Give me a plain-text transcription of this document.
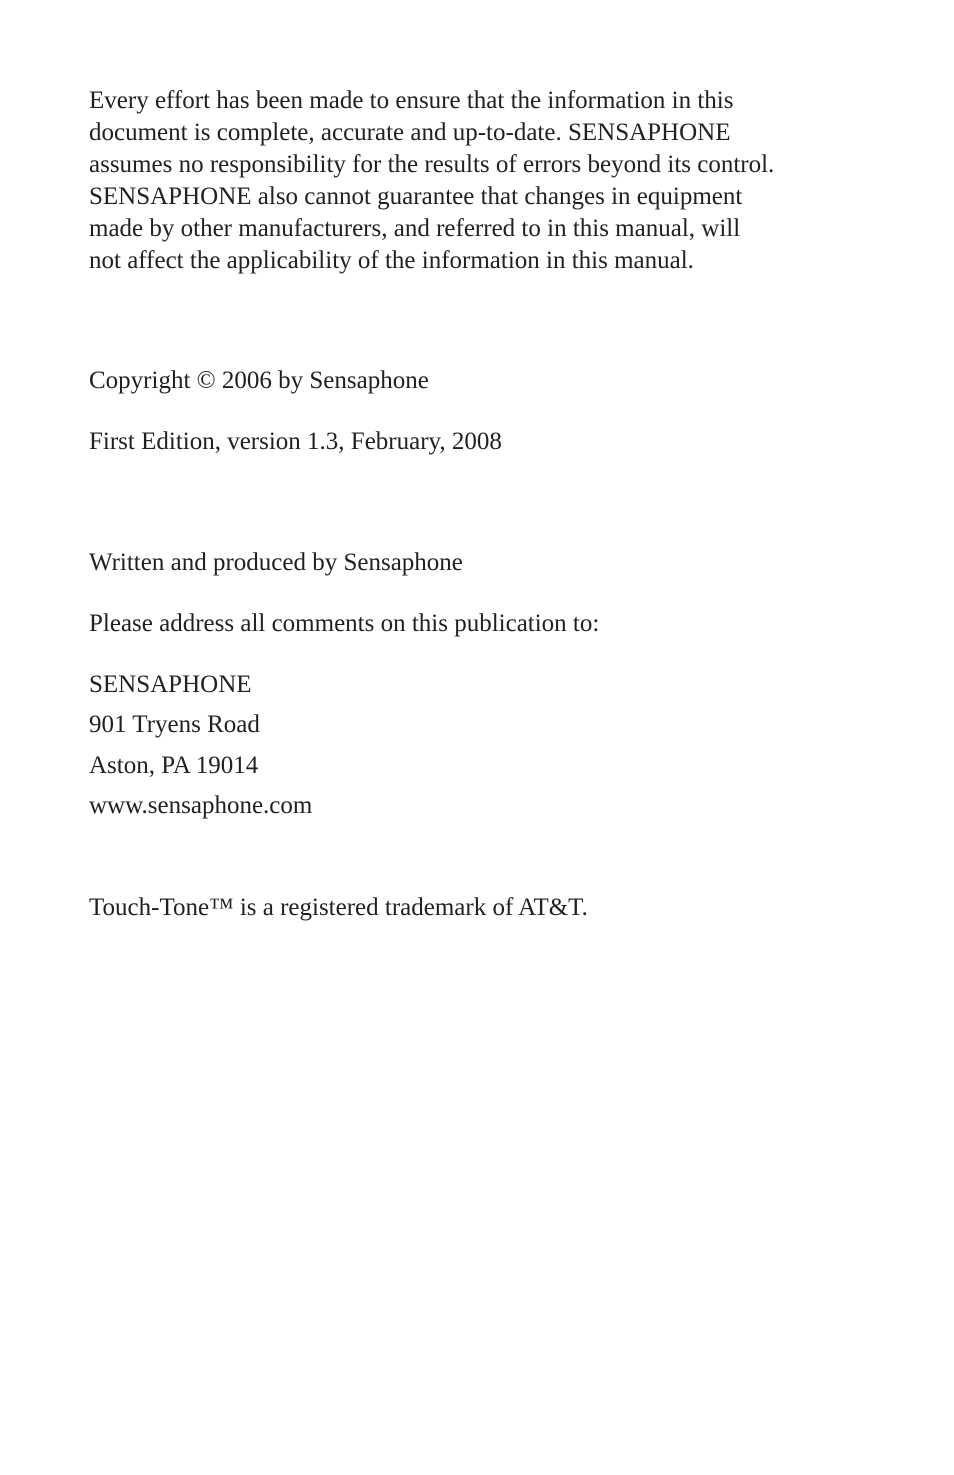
Every effort has been made to ensure that the information in this
document is complete, accurate and up-to-date. SENSAPHONE
assumes no responsibility for the results of errors beyond its control.
SENSAPHONE also cannot guarantee that changes in equipment
made by other manufacturers, and referred to in this manual, will
not affect the applicability of the information in this manual.

Copyright © 2006 by Sensaphone

First Edition, version 1.3, February, 2008

Written and produced by Sensaphone

Please address all comments on this publication to:

SENSAPHONE

901 Tryens Road

Aston, PA 19014

www.sensaphone.com

Touch-Tone™ is a registered trademark of AT&T.
